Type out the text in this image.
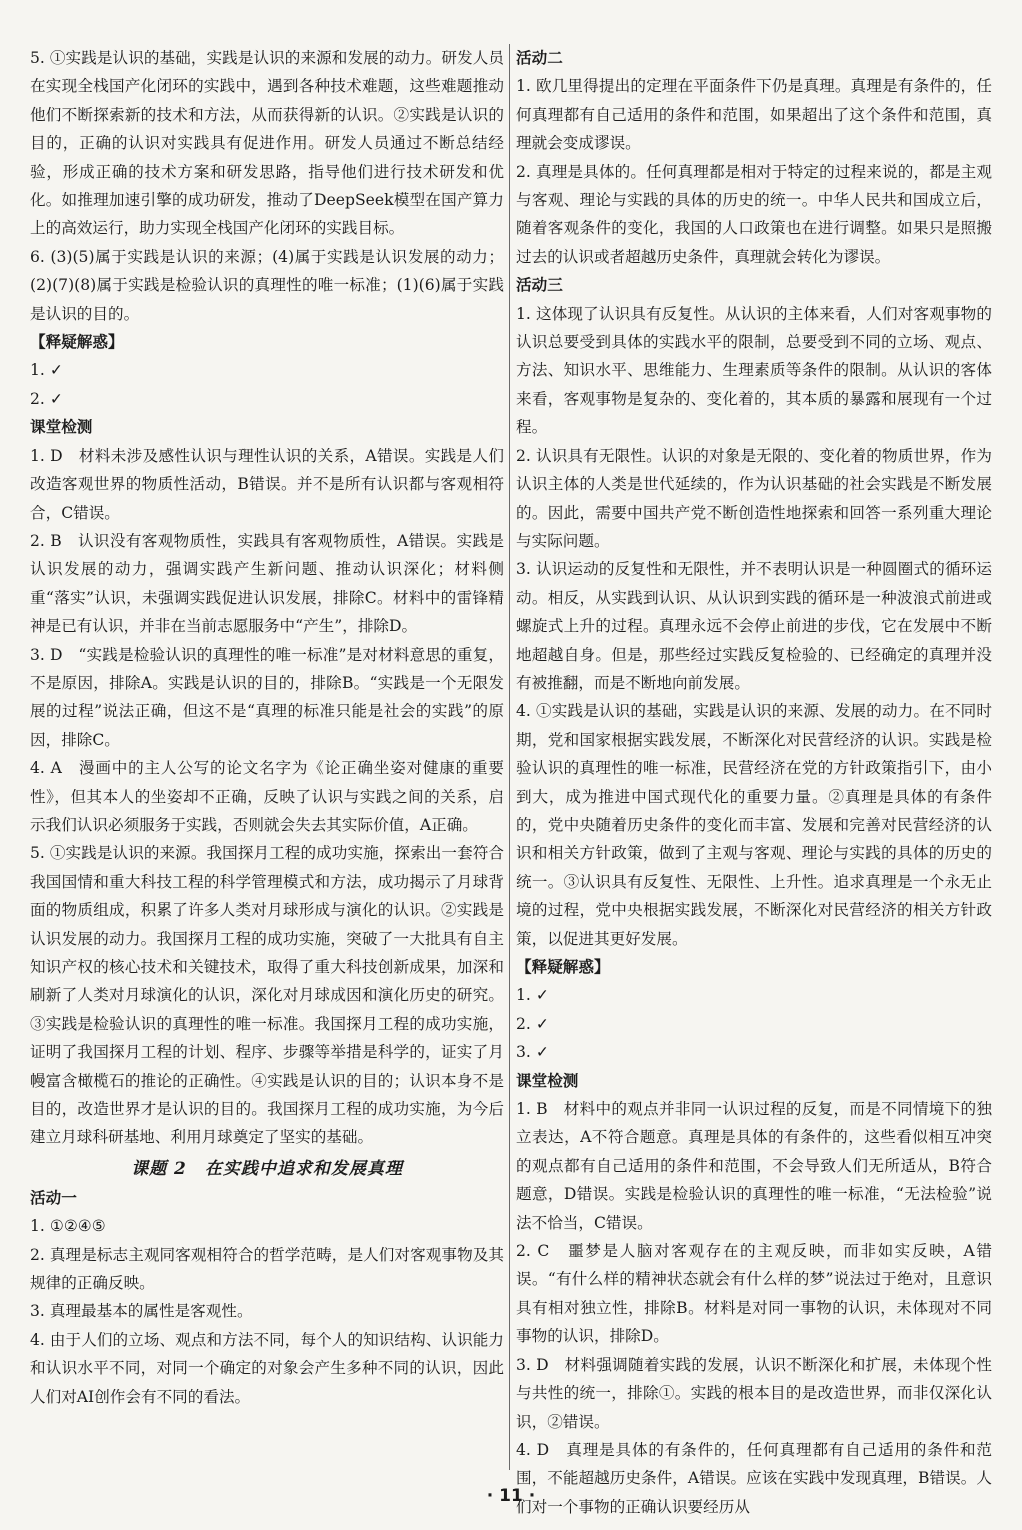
5. ①实践是认识的基础，实践是认识的来源和发展的动力。研发人员在实现全栈国产化闭环的实践中，遇到各种技术难题，这些难题推动他们不断探索新的技术和方法，从而获得新的认识。②实践是认识的目的，正确的认识对实践具有促进作用。研发人员通过不断总结经验，形成正确的技术方案和研发思路，指导他们进行技术研发和优化。如推理加速引擎的成功研发，推动了DeepSeek模型在国产算力上的高效运行，助力实现全栈国产化闭环的实践目标。

6. (3)(5)属于实践是认识的来源；(4)属于实践是认识发展的动力；(2)(7)(8)属于实践是检验认识的真理性的唯一标准；(1)(6)属于实践是认识的目的。

【释疑解惑】
1. ✓
2. ✓
课堂检测

1. D　材料未涉及感性认识与理性认识的关系，A错误。实践是人们改造客观世界的物质性活动，B错误。并不是所有认识都与客观相符合，C错误。

2. B　认识没有客观物质性，实践具有客观物质性，A错误。实践是认识发展的动力，强调实践产生新问题、推动认识深化；材料侧重“落实”认识，未强调实践促进认识发展，排除C。材料中的雷锋精神是已有认识，并非在当前志愿服务中“产生”，排除D。

3. D　“实践是检验认识的真理性的唯一标准”是对材料意思的重复，不是原因，排除A。实践是认识的目的，排除B。“实践是一个无限发展的过程”说法正确，但这不是“真理的标准只能是社会的实践”的原因，排除C。

4. A　漫画中的主人公写的论文名字为《论正确坐姿对健康的重要性》，但其本人的坐姿却不正确，反映了认识与实践之间的关系，启示我们认识必须服务于实践，否则就会失去其实际价值，A正确。

5. ①实践是认识的来源。我国探月工程的成功实施，探索出一套符合我国国情和重大科技工程的科学管理模式和方法，成功揭示了月球背面的物质组成，积累了许多人类对月球形成与演化的认识。②实践是认识发展的动力。我国探月工程的成功实施，突破了一大批具有自主知识产权的核心技术和关键技术，取得了重大科技创新成果，加深和刷新了人类对月球演化的认识，深化对月球成因和演化历史的研究。③实践是检验认识的真理性的唯一标准。我国探月工程的成功实施，证明了我国探月工程的计划、程序、步骤等举措是科学的，证实了月幔富含橄榄石的推论的正确性。④实践是认识的目的；认识本身不是目的，改造世界才是认识的目的。我国探月工程的成功实施，为今后建立月球科研基地、利用月球奠定了坚实的基础。

课题 2　在实践中追求和发展真理
活动一

1. ①②④⑤

2. 真理是标志主观同客观相符合的哲学范畴，是人们对客观事物及其规律的正确反映。

3. 真理最基本的属性是客观性。

4. 由于人们的立场、观点和方法不同，每个人的知识结构、认识能力和认识水平不同，对同一个确定的对象会产生多种不同的认识，因此人们对AI创作会有不同的看法。

活动二

1. 欧几里得提出的定理在平面条件下仍是真理。真理是有条件的，任何真理都有自己适用的条件和范围，如果超出了这个条件和范围，真理就会变成谬误。

2. 真理是具体的。任何真理都是相对于特定的过程来说的，都是主观与客观、理论与实践的具体的历史的统一。中华人民共和国成立后，随着客观条件的变化，我国的人口政策也在进行调整。如果只是照搬过去的认识或者超越历史条件，真理就会转化为谬误。

活动三

1. 这体现了认识具有反复性。从认识的主体来看，人们对客观事物的认识总要受到具体的实践水平的限制，总要受到不同的立场、观点、方法、知识水平、思维能力、生理素质等条件的限制。从认识的客体来看，客观事物是复杂的、变化着的，其本质的暴露和展现有一个过程。

2. 认识具有无限性。认识的对象是无限的、变化着的物质世界，作为认识主体的人类是世代延续的，作为认识基础的社会实践是不断发展的。因此，需要中国共产党不断创造性地探索和回答一系列重大理论与实际问题。

3. 认识运动的反复性和无限性，并不表明认识是一种圆圈式的循环运动。相反，从实践到认识、从认识到实践的循环是一种波浪式前进或螺旋式上升的过程。真理永远不会停止前进的步伐，它在发展中不断地超越自身。但是，那些经过实践反复检验的、已经确定的真理并没有被推翻，而是不断地向前发展。

4. ①实践是认识的基础，实践是认识的来源、发展的动力。在不同时期，党和国家根据实践发展，不断深化对民营经济的认识。实践是检验认识的真理性的唯一标准，民营经济在党的方针政策指引下，由小到大，成为推进中国式现代化的重要力量。②真理是具体的有条件的，党中央随着历史条件的变化而丰富、发展和完善对民营经济的认识和相关方针政策，做到了主观与客观、理论与实践的具体的历史的统一。③认识具有反复性、无限性、上升性。追求真理是一个永无止境的过程，党中央根据实践发展，不断深化对民营经济的相关方针政策，以促进其更好发展。

【释疑解惑】
1. ✓
2. ✓
3. ✓
课堂检测

1. B　材料中的观点并非同一认识过程的反复，而是不同情境下的独立表达，A不符合题意。真理是具体的有条件的，这些看似相互冲突的观点都有自己适用的条件和范围，不会导致人们无所适从，B符合题意，D错误。实践是检验认识的真理性的唯一标准，“无法检验”说法不恰当，C错误。

2. C　噩梦是人脑对客观存在的主观反映，而非如实反映，A错误。“有什么样的精神状态就会有什么样的梦”说法过于绝对，且意识具有相对独立性，排除B。材料是对同一事物的认识，未体现对不同事物的认识，排除D。

3. D　材料强调随着实践的发展，认识不断深化和扩展，未体现个性与共性的统一，排除①。实践的根本目的是改造世界，而非仅深化认识，②错误。

4. D　真理是具体的有条件的，任何真理都有自己适用的条件和范围，不能超越历史条件，A错误。应该在实践中发现真理，B错误。人们对一个事物的正确认识要经历从

· 11 ·
